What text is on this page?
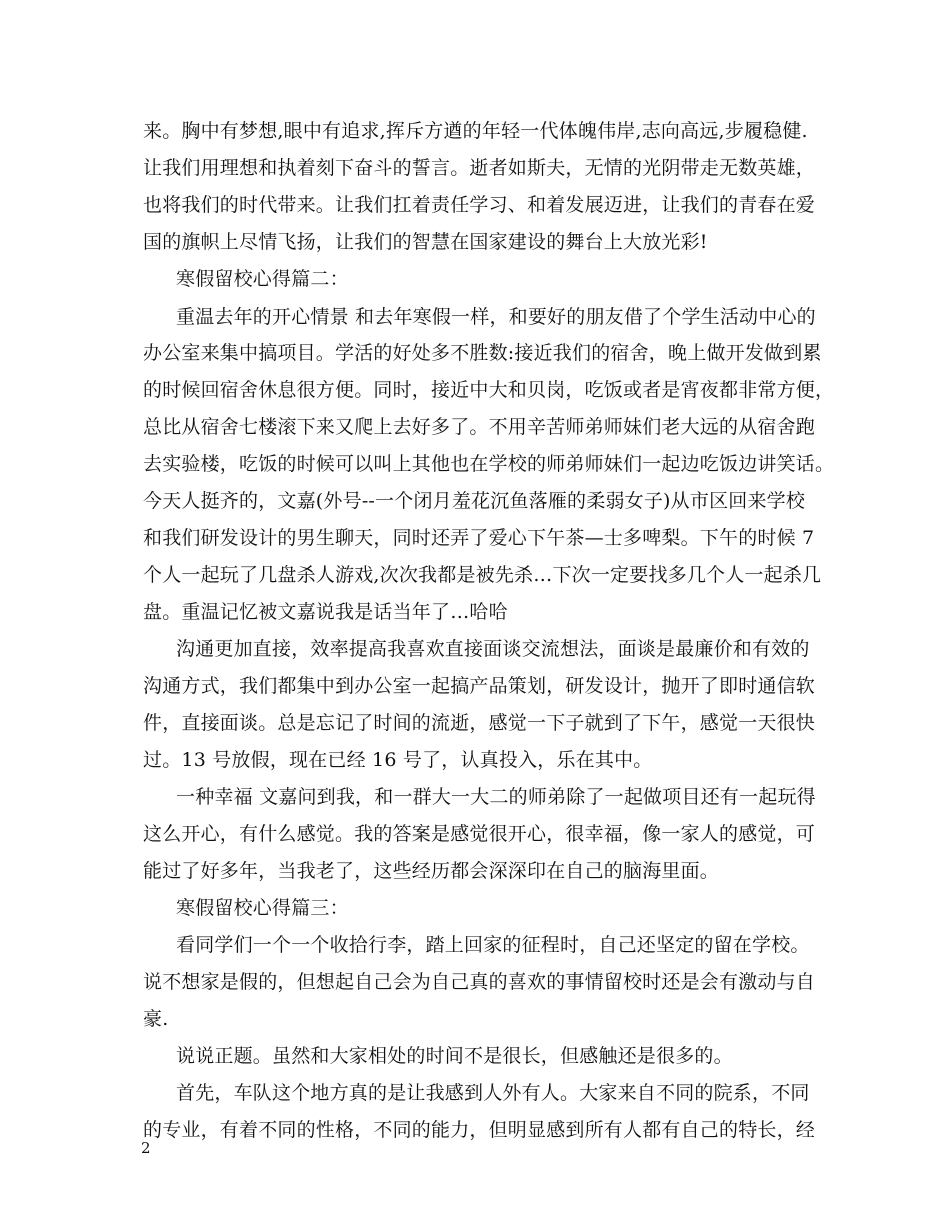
来。胸中有梦想,眼中有追求,挥斥方遒的年轻一代体魄伟岸,志向高远,步履稳健.
让我们用理想和执着刻下奋斗的誓言。逝者如斯夫，无情的光阴带走无数英雄，
也将我们的时代带来。让我们扛着责任学习、和着发展迈进，让我们的青春在爱
国的旗帜上尽情飞扬，让我们的智慧在国家建设的舞台上大放光彩!
寒假留校心得篇二：
重温去年的开心情景 和去年寒假一样，和要好的朋友借了个学生活动中心的
办公室来集中搞项目。学活的好处多不胜数:接近我们的宿舍，晚上做开发做到累
的时候回宿舍休息很方便。同时，接近中大和贝岗，吃饭或者是宵夜都非常方便，
总比从宿舍七楼滚下来又爬上去好多了。不用辛苦师弟师妹们老大远的从宿舍跑
去实验楼，吃饭的时候可以叫上其他也在学校的师弟师妹们一起边吃饭边讲笑话。
今天人挺齐的，文嘉(外号--一个闭月羞花沉鱼落雁的柔弱女子)从市区回来学校
和我们研发设计的男生聊天，同时还弄了爱心下午茶—士多啤梨。下午的时候 7
个人一起玩了几盘杀人游戏,次次我都是被先杀…下次一定要找多几个人一起杀几
盘。重温记忆被文嘉说我是话当年了…哈哈
沟通更加直接，效率提高我喜欢直接面谈交流想法，面谈是最廉价和有效的
沟通方式，我们都集中到办公室一起搞产品策划，研发设计，抛开了即时通信软
件，直接面谈。总是忘记了时间的流逝，感觉一下子就到了下午，感觉一天很快
过。13 号放假，现在已经 16 号了，认真投入，乐在其中。
一种幸福 文嘉问到我，和一群大一大二的师弟除了一起做项目还有一起玩得
这么开心，有什么感觉。我的答案是感觉很开心，很幸福，像一家人的感觉，可
能过了好多年，当我老了，这些经历都会深深印在自己的脑海里面。
寒假留校心得篇三：
看同学们一个一个收拾行李，踏上回家的征程时，自己还坚定的留在学校。
说不想家是假的，但想起自己会为自己真的喜欢的事情留校时还是会有激动与自
豪.
说说正题。虽然和大家相处的时间不是很长，但感触还是很多的。
首先，车队这个地方真的是让我感到人外有人。大家来自不同的院系，不同
的专业，有着不同的性格，不同的能力，但明显感到所有人都有自己的特长，经
2
